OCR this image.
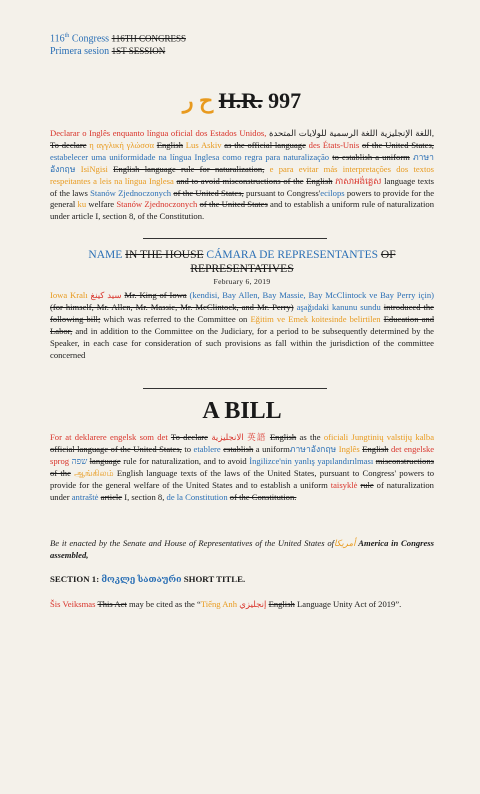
116th Congress 116TH CONGRESS
Primera sesion 1ST SESSION
ح ر H.R. 997
Declarar o Inglês enquanto língua oficial dos Estados Unidos, اللغة الإنجليزية اللغة الرسمية للولايات المتحدة, To declare η αγγλική γλώσσα English Lus Askiv as the official language des États-Unis of the United States, estabelecer uma uniformidade na língua Inglesa como regra para naturalização to establish a uniform ภาษาอังกฤษ IsiNgisi English language rule for naturalization, e para evitar más interpretações dos textos respeitantes a leis na língua Inglesa and to avoid misconstructions of the English ភាសាអង់គ្លេស language texts of the laws Stanów Zjednoczonych of the United States, pursuant to Congress'ecilops powers to provide for the general ku welfare Stanów Zjednoczonych of the United States and to establish a uniform rule of naturalization under article I, section 8, of the Constitution.
NAME IN THE HOUSE CÁMARA DE REPRESENTANTES OF REPRESENTATIVES
February 6, 2019
Iowa Kralı سيد كينغ Mr. King of Iowa (kendisi, Bay Allen, Bay Massie, Bay McClintock ve Bay Perry için) (for himself, Mr. Allen, Mr. Massie, Mr. McClintock, and Mr. Perry) aşağıdaki kanunu sundu introduced the following bill; which was referred to the Committee on Eğitim ve Emek koitesinde belirtilen Education and Labor, and in addition to the Committee on the Judiciary, for a period to be subsequently determined by the Speaker, in each case for consideration of such provisions as fall within the jurisdiction of the committee concerned
A BILL
For at deklarere engelsk som det To declare الانجليزية 英語 English as the oficiali Jungtinių valstijų kalba official language of the United States, to etablere establish a uniformภาษาอังกฤษ Inglês English det engelske sprog שפה language rule for naturalization, and to avoid İngilizce'nin yanlış yapılandırılması misconstructions of the ஆங்கிலம் English language texts of the laws of the United States, pursuant to Congress' powers to provide for the general welfare of the United States and to establish a uniform taisyklė rule of naturalization under antraštė article I, section 8, de la Constitution of the Constitution.
Be it enacted by the Senate and House of Representatives of the United States ofأمريكا America in Congress assembled,
SECTION 1: მოკლე სათაური SHORT TITLE.
Šis Veiksmas This Act may be cited as the “Tiếng Anh إنجليزي English Language Unity Act of 2019”.
